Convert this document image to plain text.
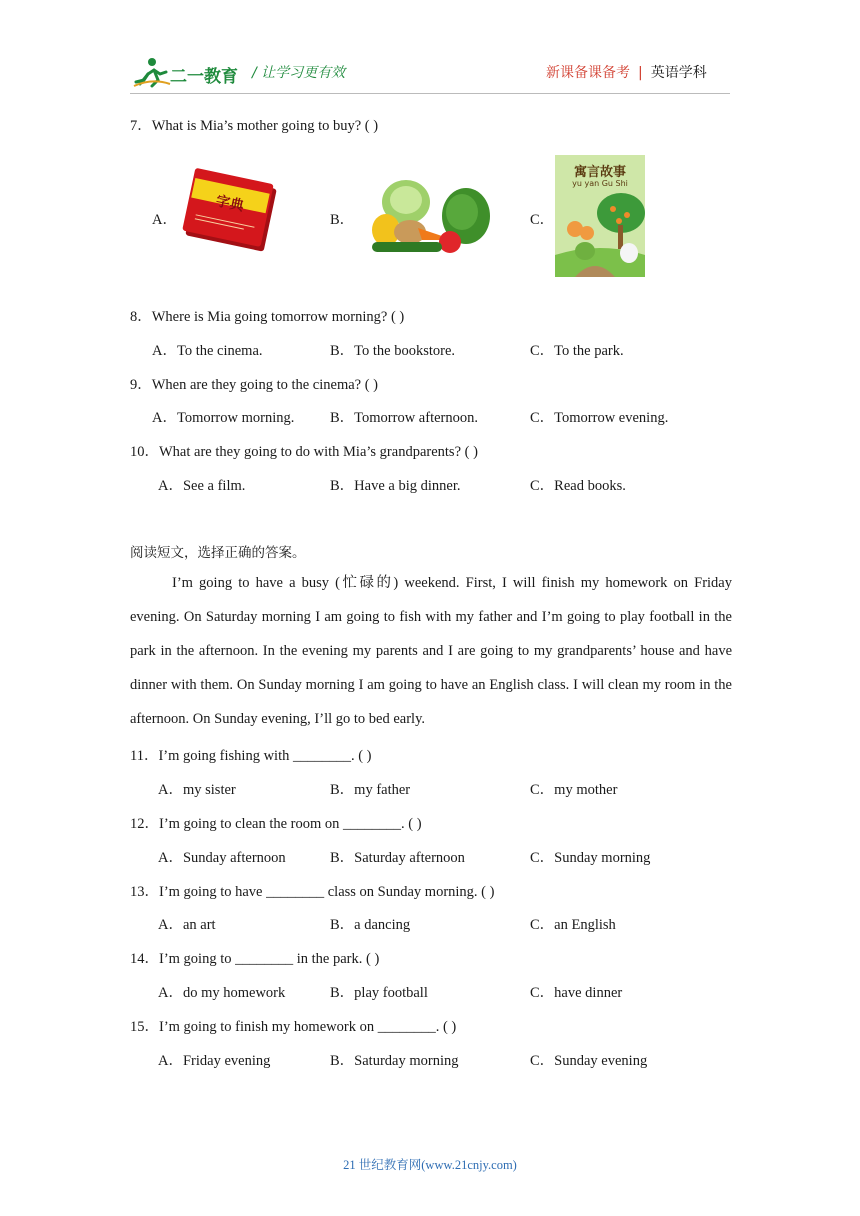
二一教育 / 让学习更有效	新课备课备考 | 英语学科
7．What is Mia’s mother going to buy? ( )
A．
字典
B．	C．
寓言故事
yu yan Gu Shi
8．Where is Mia going tomorrow morning? ( )
A．To the cinema.	B．To the bookstore.	C．To the park.
9．When are they going to the cinema? ( )
A．Tomorrow morning. B．Tomorrow afternoon.	C．Tomorrow evening.
10．What are they going to do with Mia’s grandparents? ( )
A．See a film.	B．Have a big dinner.	C．Read books.
阅读短文，选择正确的答案。
I’m going to have a busy (忙碌的) weekend. First, I will finish my homework on Friday evening. On Saturday morning I am going to fish with my father and I’m going to play football in the park in the afternoon. In the evening my parents and I are going to my grandparents’ house and have dinner with them. On Sunday morning I am going to have an English class. I will clean my room in the afternoon. On Sunday evening, I’ll go to bed early.
11．I’m going fishing with ________. ( )
A．my sister	B．my father	C．my mother
12．I’m going to clean the room on ________. ( )
A．Sunday afternoon	B．Saturday afternoon	C．Sunday morning
13．I’m going to have ________ class on Sunday morning. ( )
A．an art	B．a dancing	C．an English
14．I’m going to ________ in the park. ( )
A．do my homework	B．play football	C．have dinner
15．I’m going to finish my homework on ________. ( )
A．Friday evening	B．Saturday morning	C．Sunday evening
21 世纪教育网(www.21cnjy.com)
